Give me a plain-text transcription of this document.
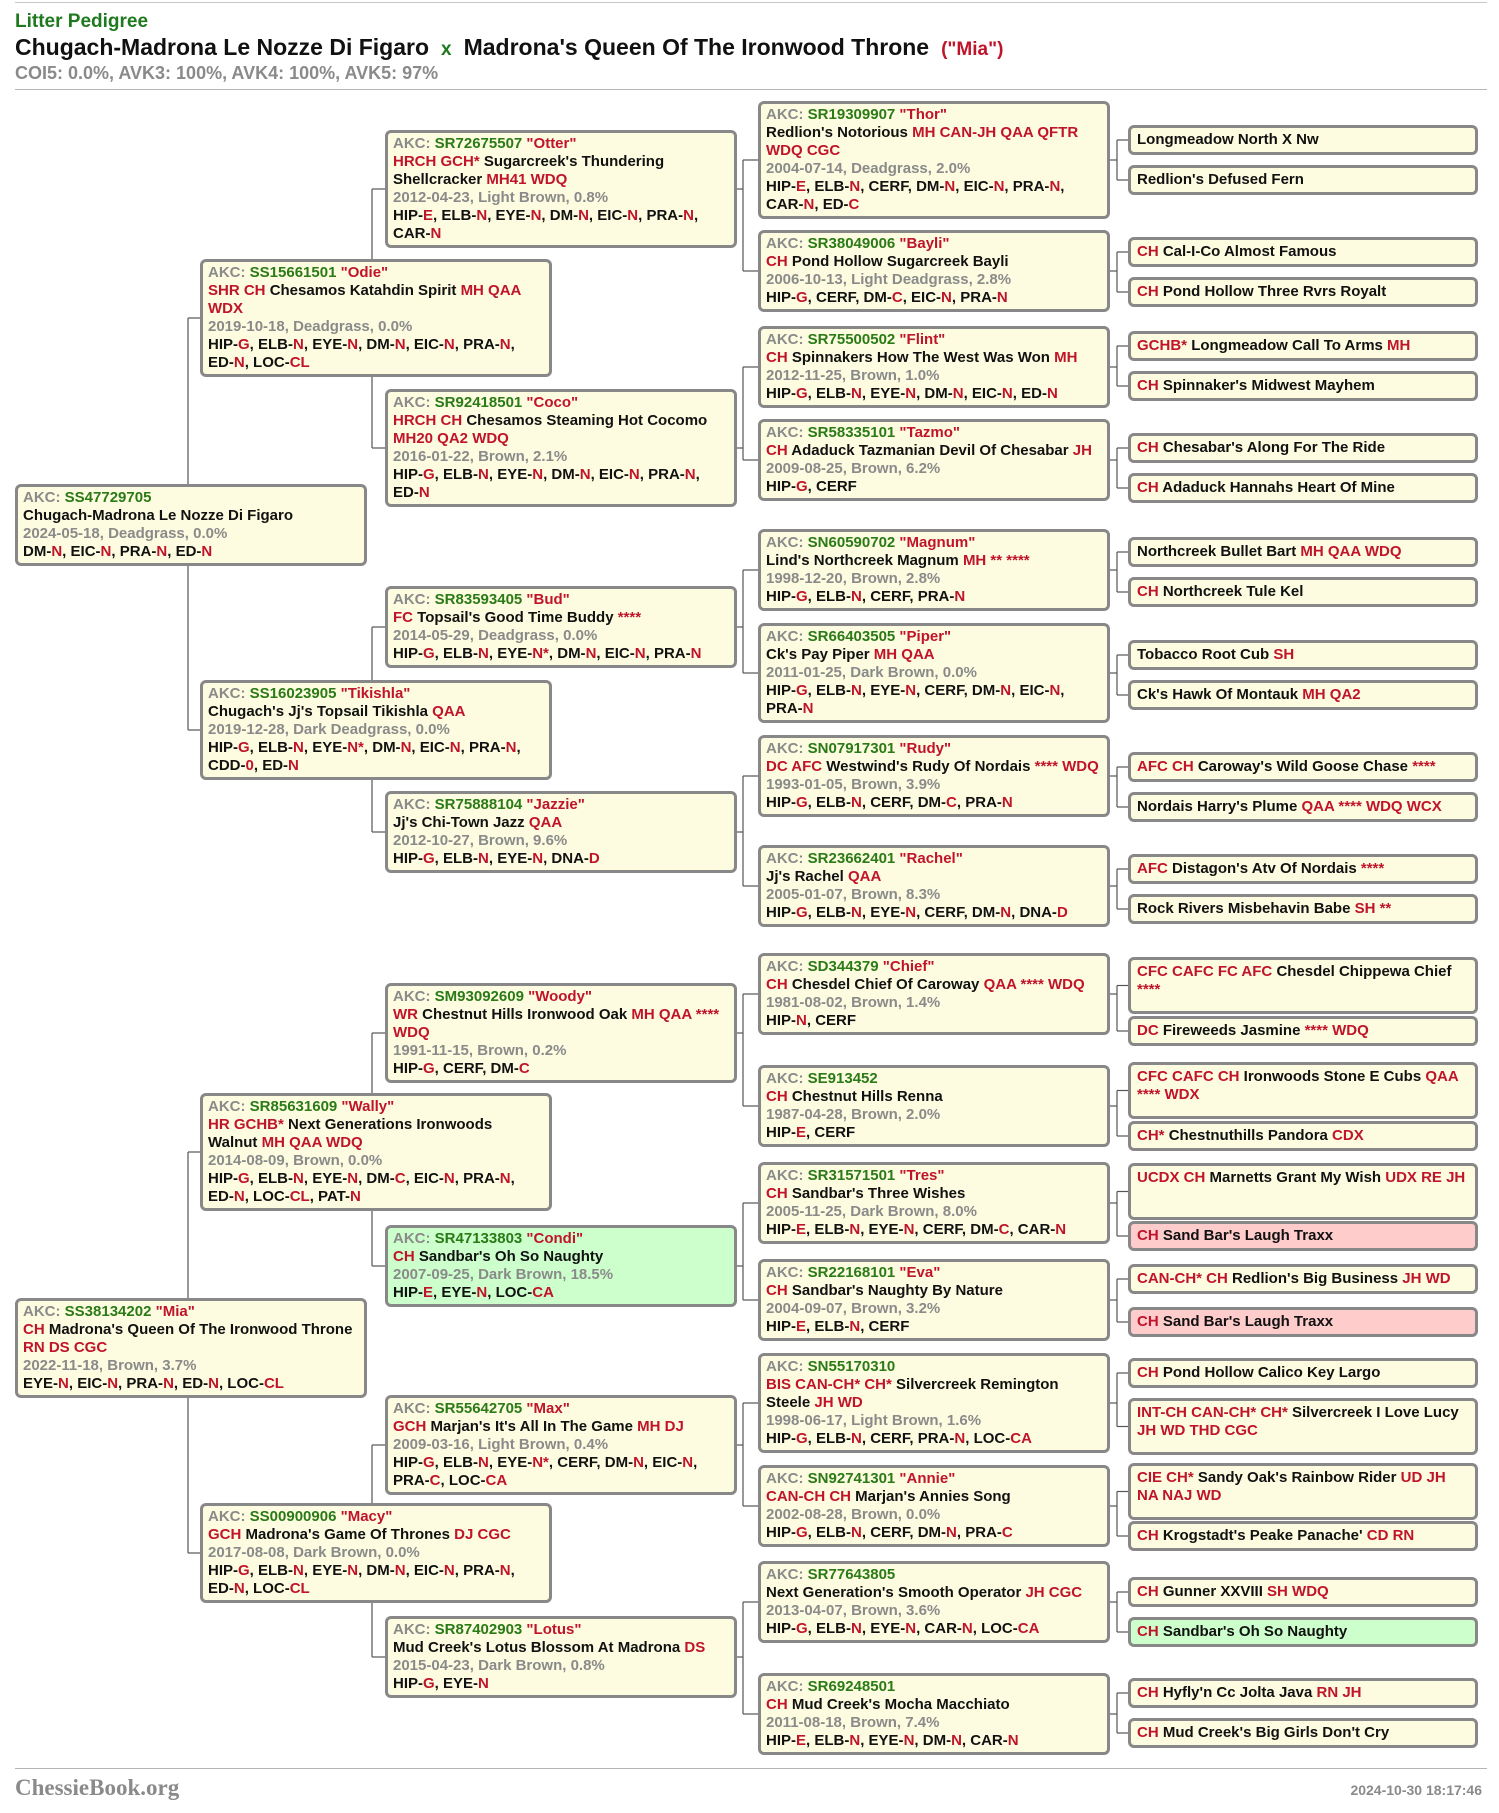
Litter Pedigree
Chugach-Madrona Le Nozze Di Figaro x Madrona's Queen Of The Ironwood Throne ("Mia")
COI5: 0.0%, AVK3: 100%, AVK4: 100%, AVK5: 97%
AKC: SS47729705
Chugach-Madrona Le Nozze Di Figaro
2024-05-18, Deadgrass, 0.0%
DM-N, EIC-N, PRA-N, ED-N
AKC: SS38134202 "Mia"
CH Madrona's Queen Of The Ironwood Throne RN DS CGC
2022-11-18, Brown, 3.7%
EYE-N, EIC-N, PRA-N, ED-N, LOC-CL
AKC: SS15661501 "Odie"
SHR CH Chesamos Katahdin Spirit MH QAA WDX
2019-10-18, Deadgrass, 0.0%
HIP-G, ELB-N, EYE-N, DM-N, EIC-N, PRA-N, ED-N, LOC-CL
AKC: SS16023905 "Tikishla"
Chugach's Jj's Topsail Tikishla QAA
2019-12-28, Dark Deadgrass, 0.0%
HIP-G, ELB-N, EYE-N*, DM-N, EIC-N, PRA-N, CDD-0, ED-N
AKC: SR85631609 "Wally"
HR GCHB* Next Generations Ironwoods Walnut MH QAA WDQ
2014-08-09, Brown, 0.0%
HIP-G, ELB-N, EYE-N, DM-C, EIC-N, PRA-N, ED-N, LOC-CL, PAT-N
AKC: SS00900906 "Macy"
GCH Madrona's Game Of Thrones DJ CGC
2017-08-08, Dark Brown, 0.0%
HIP-G, ELB-N, EYE-N, DM-N, EIC-N, PRA-N, ED-N, LOC-CL
AKC: SR72675507 "Otter"
HRCH GCH* Sugarcreek's Thundering Shellcracker MH41 WDQ
2012-04-23, Light Brown, 0.8%
HIP-E, ELB-N, EYE-N, DM-N, EIC-N, PRA-N, CAR-N
AKC: SR92418501 "Coco"
HRCH CH Chesamos Steaming Hot Cocomo MH20 QA2 WDQ
2016-01-22, Brown, 2.1%
HIP-G, ELB-N, EYE-N, DM-N, EIC-N, PRA-N, ED-N
AKC: SR83593405 "Bud"
FC Topsail's Good Time Buddy ****
2014-05-29, Deadgrass, 0.0%
HIP-G, ELB-N, EYE-N*, DM-N, EIC-N, PRA-N
AKC: SR75888104 "Jazzie"
Jj's Chi-Town Jazz QAA
2012-10-27, Brown, 9.6%
HIP-G, ELB-N, EYE-N, DNA-D
AKC: SM93092609 "Woody"
WR Chestnut Hills Ironwood Oak MH QAA **** WDQ
1991-11-15, Brown, 0.2%
HIP-G, CERF, DM-C
AKC: SR47133803 "Condi"
CH Sandbar's Oh So Naughty
2007-09-25, Dark Brown, 18.5%
HIP-E, EYE-N, LOC-CA
AKC: SR55642705 "Max"
GCH Marjan's It's All In The Game MH DJ
2009-03-16, Light Brown, 0.4%
HIP-G, ELB-N, EYE-N*, CERF, DM-N, EIC-N, PRA-C, LOC-CA
AKC: SR87402903 "Lotus"
Mud Creek's Lotus Blossom At Madrona DS
2015-04-23, Dark Brown, 0.8%
HIP-G, EYE-N
AKC: SR19309907 "Thor"
Redlion's Notorious MH CAN-JH QAA QFTR WDQ CGC
2004-07-14, Deadgrass, 2.0%
HIP-E, ELB-N, CERF, DM-N, EIC-N, PRA-N, CAR-N, ED-C
AKC: SR38049006 "Bayli"
CH Pond Hollow Sugarcreek Bayli
2006-10-13, Light Deadgrass, 2.8%
HIP-G, CERF, DM-C, EIC-N, PRA-N
AKC: SR75500502 "Flint"
CH Spinnakers How The West Was Won MH
2012-11-25, Brown, 1.0%
HIP-G, ELB-N, EYE-N, DM-N, EIC-N, ED-N
AKC: SR58335101 "Tazmo"
CH Adaduck Tazmanian Devil Of Chesabar JH
2009-08-25, Brown, 6.2%
HIP-G, CERF
AKC: SN60590702 "Magnum"
Lind's Northcreek Magnum MH ** ****
1998-12-20, Brown, 2.8%
HIP-G, ELB-N, CERF, PRA-N
AKC: SR66403505 "Piper"
Ck's Pay Piper MH QAA
2011-01-25, Dark Brown, 0.0%
HIP-G, ELB-N, EYE-N, CERF, DM-N, EIC-N, PRA-N
AKC: SN07917301 "Rudy"
DC AFC Westwind's Rudy Of Nordais **** WDQ
1993-01-05, Brown, 3.9%
HIP-G, ELB-N, CERF, DM-C, PRA-N
AKC: SR23662401 "Rachel"
Jj's Rachel QAA
2005-01-07, Brown, 8.3%
HIP-G, ELB-N, EYE-N, CERF, DM-N, DNA-D
AKC: SD344379 "Chief"
CH Chesdel Chief Of Caroway QAA **** WDQ
1981-08-02, Brown, 1.4%
HIP-N, CERF
AKC: SE913452
CH Chestnut Hills Renna
1987-04-28, Brown, 2.0%
HIP-E, CERF
AKC: SR31571501 "Tres"
CH Sandbar's Three Wishes
2005-11-25, Dark Brown, 8.0%
HIP-E, ELB-N, EYE-N, CERF, DM-C, CAR-N
AKC: SR22168101 "Eva"
CH Sandbar's Naughty By Nature
2004-09-07, Brown, 3.2%
HIP-E, ELB-N, CERF
AKC: SN55170310
BIS CAN-CH* CH* Silvercreek Remington Steele JH WD
1998-06-17, Light Brown, 1.6%
HIP-G, ELB-N, CERF, PRA-N, LOC-CA
AKC: SN92741301 "Annie"
CAN-CH CH Marjan's Annies Song
2002-08-28, Brown, 0.0%
HIP-G, ELB-N, CERF, DM-N, PRA-C
AKC: SR77643805
Next Generation's Smooth Operator JH CGC
2013-04-07, Brown, 3.6%
HIP-G, ELB-N, EYE-N, CAR-N, LOC-CA
AKC: SR69248501
CH Mud Creek's Mocha Macchiato
2011-08-18, Brown, 7.4%
HIP-E, ELB-N, EYE-N, DM-N, CAR-N
Longmeadow North X Nw
Redlion's Defused Fern
CH Cal-I-Co Almost Famous
CH Pond Hollow Three Rvrs Royalt
GCHB* Longmeadow Call To Arms MH
CH Spinnaker's Midwest Mayhem
CH Chesabar's Along For The Ride
CH Adaduck Hannahs Heart Of Mine
Northcreek Bullet Bart MH QAA WDQ
CH Northcreek Tule Kel
Tobacco Root Cub SH
Ck's Hawk Of Montauk MH QA2
AFC CH Caroway's Wild Goose Chase ****
Nordais Harry's Plume QAA **** WDQ WCX
AFC Distagon's Atv Of Nordais ****
Rock Rivers Misbehavin Babe SH **
CFC CAFC FC AFC Chesdel Chippewa Chief ****
DC Fireweeds Jasmine **** WDQ
CFC CAFC CH Ironwoods Stone E Cubs QAA **** WDX
CH* Chestnuthills Pandora CDX
UCDX CH Marnetts Grant My Wish UDX RE JH
CH Sand Bar's Laugh Traxx
CAN-CH* CH Redlion's Big Business JH WD
CH Sand Bar's Laugh Traxx
CH Pond Hollow Calico Key Largo
INT-CH CAN-CH* CH* Silvercreek I Love Lucy JH WD THD CGC
CIE CH* Sandy Oak's Rainbow Rider UD JH NA NAJ WD
CH Krogstadt's Peake Panache' CD RN
CH Gunner XXVIII SH WDQ
CH Sandbar's Oh So Naughty
CH Hyfly'n Cc Jolta Java RN JH
CH Mud Creek's Big Girls Don't Cry
ChessieBook.org	2024-10-30 18:17:46
